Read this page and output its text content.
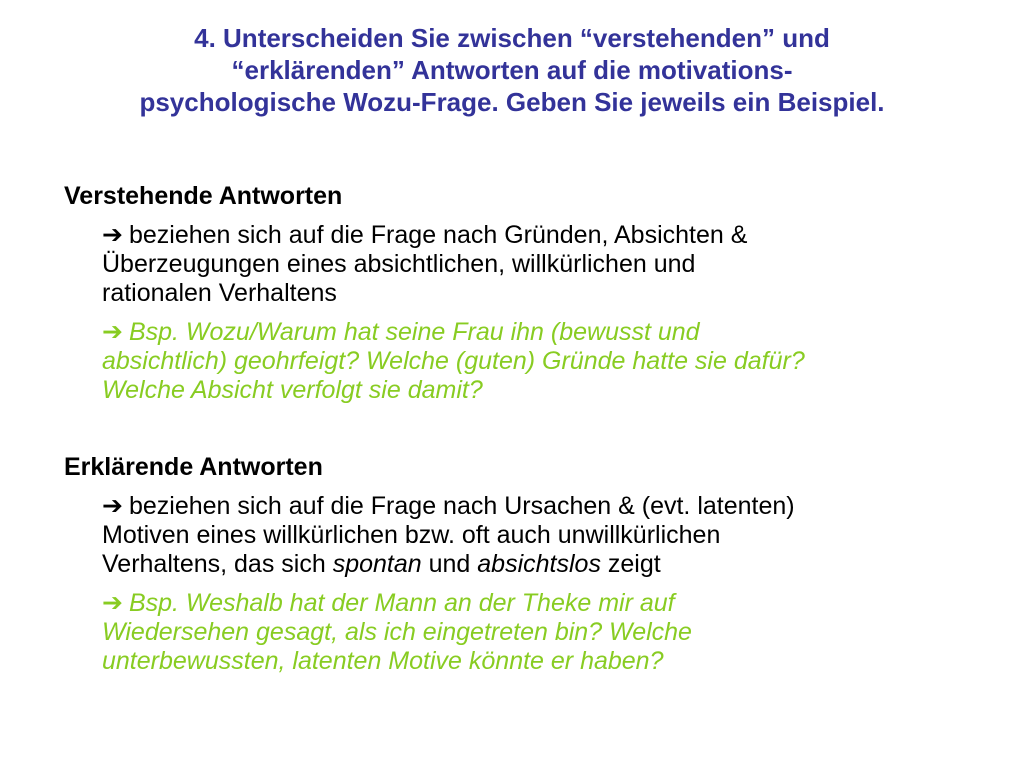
4. Unterscheiden Sie zwischen “verstehenden” und
“erklärenden” Antworten auf die motivations-
psychologische Wozu-Frage. Geben Sie jeweils ein Beispiel.
Verstehende Antworten
➔ beziehen sich auf die Frage nach Gründen, Absichten &
Überzeugungen eines absichtlichen, willkürlichen und
rationalen Verhaltens
➔ Bsp. Wozu/Warum hat seine Frau ihn (bewusst und
absichtlich) geohrfeigt? Welche (guten) Gründe hatte sie dafür?
Welche Absicht verfolgt sie damit?
Erklärende Antworten
➔ beziehen sich auf die Frage nach Ursachen & (evt. latenten)
Motiven eines willkürlichen bzw. oft auch unwillkürlichen
Verhaltens, das sich spontan und absichtslos zeigt
➔ Bsp. Weshalb hat der Mann an der Theke mir auf
Wiedersehen gesagt, als ich eingetreten bin? Welche
unterbewussten, latenten Motive könnte er haben?
